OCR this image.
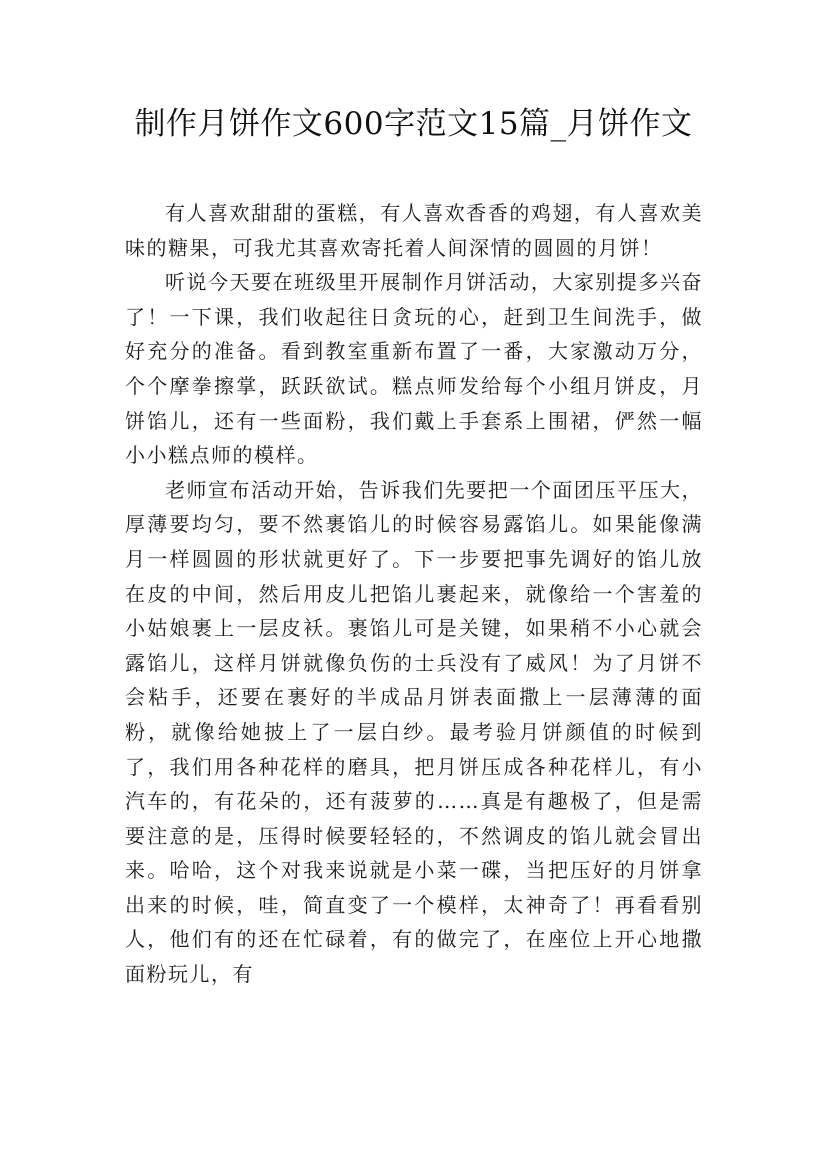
制作月饼作文600字范文15篇_月饼作文

有人喜欢甜甜的蛋糕，有人喜欢香香的鸡翅，有人喜欢美味的糖果，可我尤其喜欢寄托着人间深情的圆圆的月饼！

听说今天要在班级里开展制作月饼活动，大家别提多兴奋了！一下课，我们收起往日贪玩的心，赶到卫生间洗手，做好充分的准备。看到教室重新布置了一番，大家激动万分，个个摩拳擦掌，跃跃欲试。糕点师发给每个小组月饼皮，月饼馅儿，还有一些面粉，我们戴上手套系上围裙，俨然一幅小小糕点师的模样。

老师宣布活动开始，告诉我们先要把一个面团压平压大，厚薄要均匀，要不然裹馅儿的时候容易露馅儿。如果能像满月一样圆圆的形状就更好了。下一步要把事先调好的馅儿放在皮的中间，然后用皮儿把馅儿裹起来，就像给一个害羞的小姑娘裹上一层皮袄。裹馅儿可是关键，如果稍不小心就会露馅儿，这样月饼就像负伤的士兵没有了威风！为了月饼不会粘手，还要在裹好的半成品月饼表面撒上一层薄薄的面粉，就像给她披上了一层白纱。最考验月饼颜值的时候到了，我们用各种花样的磨具，把月饼压成各种花样儿，有小汽车的，有花朵的，还有菠萝的……真是有趣极了，但是需要注意的是，压得时候要轻轻的，不然调皮的馅儿就会冒出来。哈哈，这个对我来说就是小菜一碟，当把压好的月饼拿出来的时候，哇，简直变了一个模样，太神奇了！再看看别人，他们有的还在忙碌着，有的做完了，在座位上开心地撒面粉玩儿，有
